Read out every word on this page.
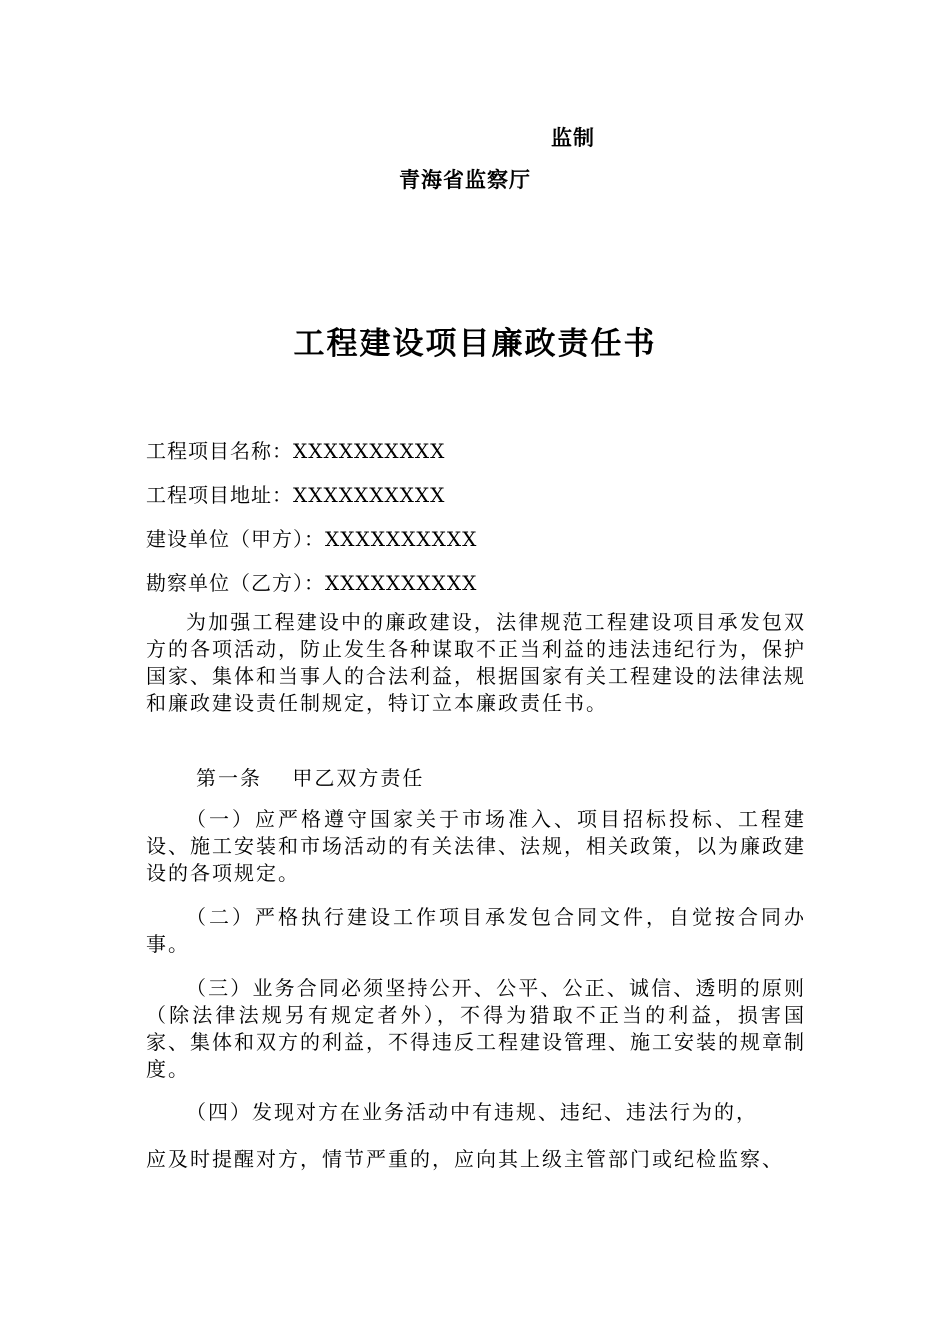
监制
青海省监察厅
工程建设项目廉政责任书
工程项目名称：XXXXXXXXXX
工程项目地址：XXXXXXXXXX
建设单位（甲方）：XXXXXXXXXX
勘察单位（乙方）：XXXXXXXXXX
为加强工程建设中的廉政建设，法律规范工程建设项目承发包双方的各项活动，防止发生各种谋取不正当利益的违法违纪行为，保护国家、集体和当事人的合法利益，根据国家有关工程建设的法律法规和廉政建设责任制规定，特订立本廉政责任书。
第一条　 甲乙双方责任
（一）应严格遵守国家关于市场准入、项目招标投标、工程建设、施工安装和市场活动的有关法律、法规，相关政策，以为廉政建设的各项规定。
（二）严格执行建设工作项目承发包合同文件，自觉按合同办事。
（三）业务合同必须坚持公开、公平、公正、诚信、透明的原则（除法律法规另有规定者外），不得为猎取不正当的利益，损害国家、集体和双方的利益，不得违反工程建设管理、施工安装的规章制度。
（四）发现对方在业务活动中有违规、违纪、违法行为的，
应及时提醒对方，情节严重的，应向其上级主管部门或纪检监察、
